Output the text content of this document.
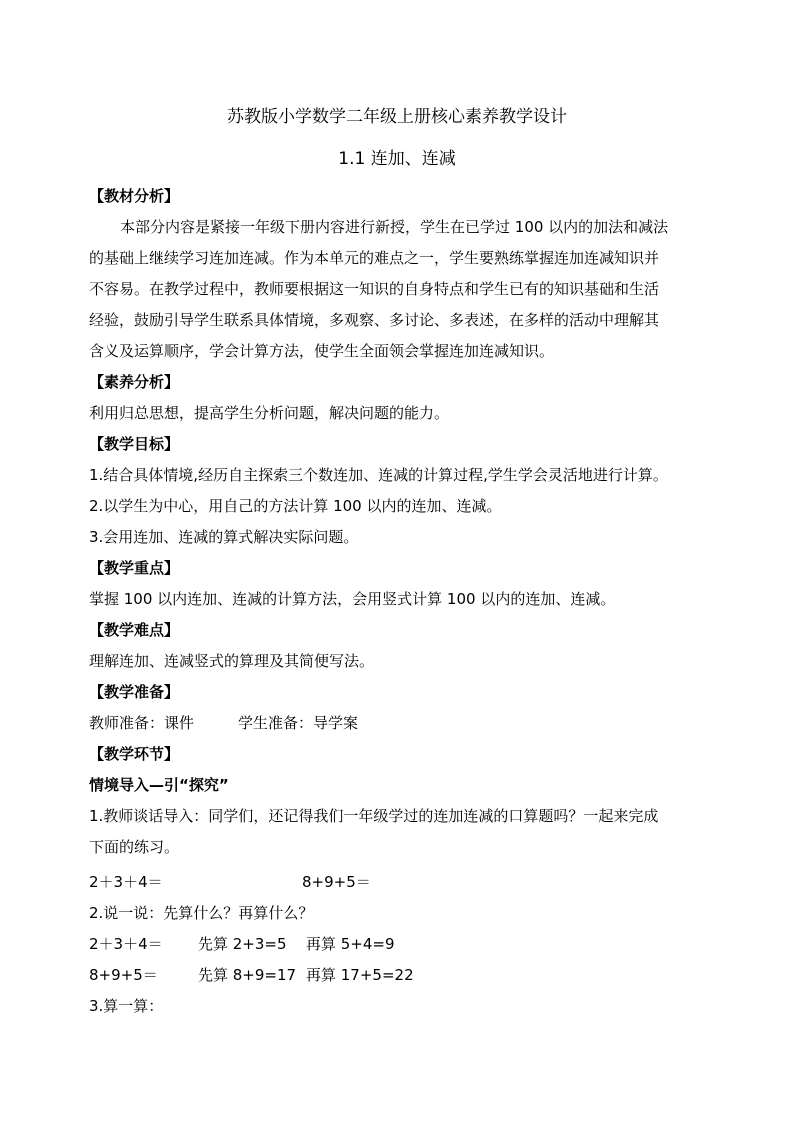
苏教版小学数学二年级上册核心素养教学设计
1.1 连加、连减
【教材分析】
本部分内容是紧接一年级下册内容进行新授，学生在已学过 100 以内的加法和减法
的基础上继续学习连加连减。作为本单元的难点之一，学生要熟练掌握连加连减知识并
不容易。在教学过程中，教师要根据这一知识的自身特点和学生已有的知识基础和生活
经验，鼓励引导学生联系具体情境，多观察、多讨论、多表述，在多样的活动中理解其
含义及运算顺序，学会计算方法，使学生全面领会掌握连加连减知识。
【素养分析】
利用归总思想，提高学生分析问题，解决问题的能力。
【教学目标】
1.结合具体情境,经历自主探索三个数连加、连减的计算过程,学生学会灵活地进行计算。
2.以学生为中心，用自己的方法计算 100 以内的连加、连减。
3.会用连加、连减的算式解决实际问题。
【教学重点】
掌握 100 以内连加、连减的计算方法，会用竖式计算 100 以内的连加、连减。
【教学难点】
理解连加、连减竖式的算理及其简便写法。
【教学准备】
教师准备：课件	学生准备：导学案
【教学环节】
情境导入—引“探究”
1.教师谈话导入：同学们，还记得我们一年级学过的连加连减的口算题吗？一起来完成
下面的练习。
2＋3＋4＝	8+9+5＝
2.说一说：先算什么？再算什么？
2＋3＋4＝ 先算 2+3=5 再算 5+4=9
8+9+5＝	先算 8+9=17 再算 17+5=22
3.算一算：
